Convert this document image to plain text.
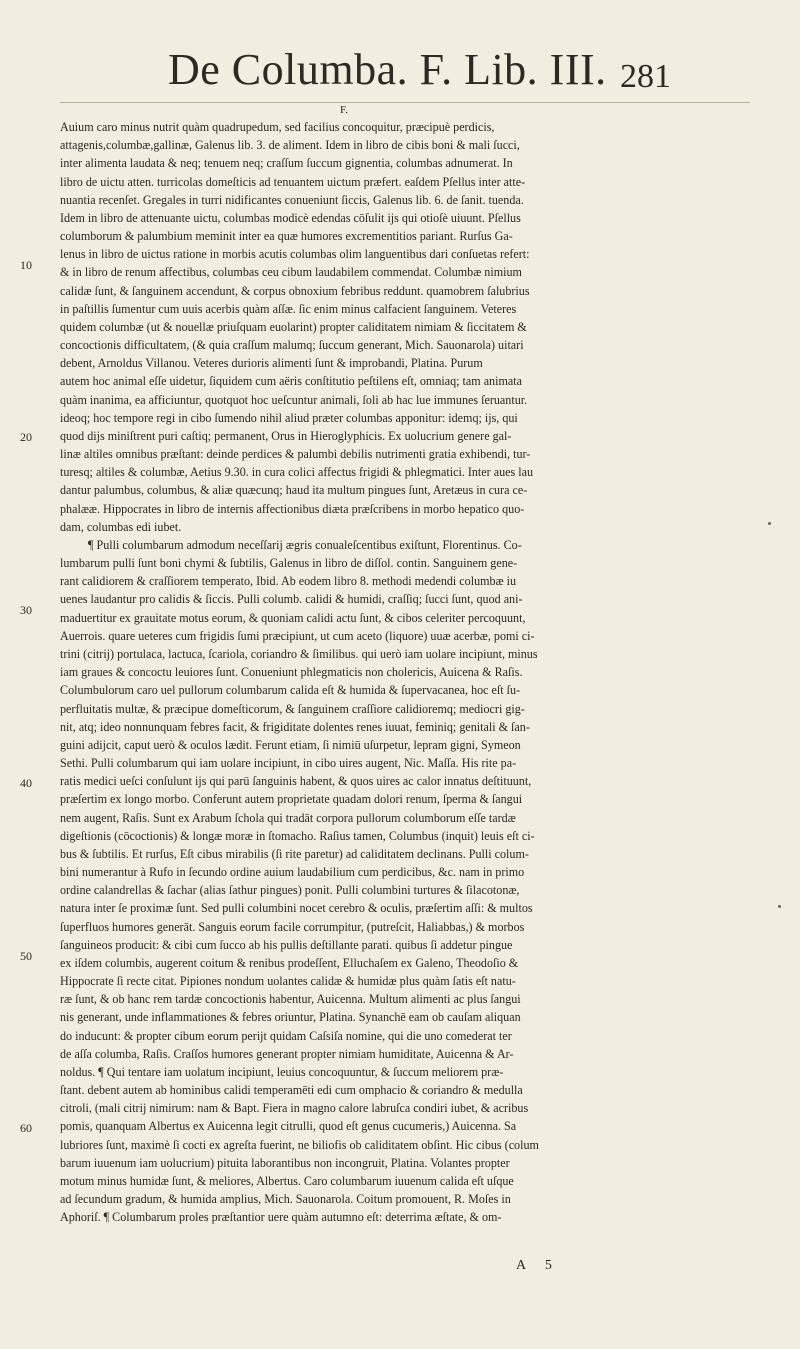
De Columba. F. Lib. III. 281
F.
10
20
30
40
50
60
Auium caro minus nutrit quàm quadrupedum, sed facilius concoquitur, præcipuè perdicis,
attagenis,columbæ,gallinæ, Galenus lib. 3. de aliment. Idem in libro de cibis boni & mali ſucci,
inter alimenta laudata & neq; tenuem neq; craſſum ſuccum gignentia, columbas adnumerat. In
libro de uictu atten. turricolas domeſticis ad tenuantem uictum præfert. eaſdem Pſellus inter atte-
nuantia recenſet. Gregales in turri nidificantes conueniunt ſiccis, Galenus lib. 6. de ſanit. tuenda.
Idem in libro de attenuante uictu, columbas modicè edendas cōſulit ijs qui otioſè uiuunt. Pſellus
columborum & palumbium meminit inter ea quæ humores excrementitios pariant. Rurſus Ga-
lenus in libro de uictus ratione in morbis acutis columbas olim languentibus dari conſuetas refert:
& in libro de renum affectibus, columbas ceu cibum laudabilem commendat. Columbæ nimium
calidæ ſunt, & ſanguinem accendunt, & corpus obnoxium febribus reddunt. quamobrem ſalubrius
in paſtillis ſumentur cum uuis acerbis quàm aſſæ. ſic enim minus calfacient ſanguinem. Veteres
quidem columbæ (ut & nouellæ priuſquam euolarint) propter caliditatem nimiam & ſiccitatem &
concoctionis difficultatem, (& quia craſſum malumq; ſuccum generant, Mich. Sauonarola) uitari
debent, Arnoldus Villanou. Veteres durioris alimenti ſunt & improbandi, Platina. Purum
autem hoc animal eſſe uidetur, ſiquidem cum aëris conſtitutio peſtilens eſt, omniaq; tam animata
quàm inanima, ea afficiuntur, quotquot hoc ueſcuntur animali, ſoli ab hac lue immunes ſeruantur.
ideoq; hoc tempore regi in cibo ſumendo nihil aliud præter columbas apponitur: idemq; ijs, qui
quod dijs miniſtrent puri caſtiq; permanent, Orus in Hieroglyphicis. Ex uolucrium genere gal-
linæ altiles omnibus præſtant: deinde perdices & palumbi debilis nutrimenti gratia exhibendi, tur-
turesq; altiles & columbæ, Aetius 9.30. in cura colici affectus frigidi & phlegmatici. Inter aues lau
dantur palumbus, columbus, & aliæ quæcunq; haud ita multum pingues ſunt, Aretæus in cura ce-
phalææ. Hippocrates in libro de internis affectionibus diæta præſcribens in morbo hepatico quo-
dam, columbas edi iubet.
¶ Pulli columbarum admodum neceſſarij ægris conualeſcentibus exiſtunt, Florentinus. Co-
lumbarum pulli ſunt boni chymi & ſubtilis, Galenus in libro de diſſol. contin. Sanguinem gene-
rant calidiorem & craſſiorem temperato, Ibid. Ab eodem libro 8. methodi medendi columbæ iu
uenes laudantur pro calidis & ſiccis. Pulli columb. calidi & humidi, craſſiq; ſucci ſunt, quod ani-
maduertitur ex grauitate motus eorum, & quoniam calidi actu ſunt, & cibos celeriter percoquunt,
Auerrois. quare ueteres cum frigidis ſumi præcipiunt, ut cum aceto (liquore) uuæ acerbæ, pomi ci-
trini (citrij) portulaca, lactuca, ſcariola, coriandro & ſimilibus. qui uerò iam uolare incipiunt, minus
iam graues & concoctu leuiores ſunt. Conueniunt phlegmaticis non cholericis, Auicena & Raſis.
Columbulorum caro uel pullorum columbarum calida eſt & humida & ſupervacanea, hoc eſt ſu-
perfluitatis multæ, & præcipue domeſticorum, & ſanguinem craſſiore calidioremq; mediocri gig-
nit, atq; ideo nonnunquam febres facit, & frigiditate dolentes renes iuuat, feminiq; genitali & ſan-
guini adijcit, caput uerò & oculos lædit. Ferunt etiam, ſi nimiū uſurpetur, lepram gigni, Symeon
Sethi. Pulli columbarum qui iam uolare incipiunt, in cibo uires augent, Nic. Maſſa. His rite pa-
ratis medici ueſci conſulunt ijs qui parū ſanguinis habent, & quos uires ac calor innatus deſtituunt,
præſertim ex longo morbo. Conferunt autem proprietate quadam dolori renum, ſperma & ſangui
nem augent, Raſis. Sunt ex Arabum ſchola qui tradāt corpora pullorum columborum eſſe tardæ
digeſtionis (cōcoctionis) & longæ moræ in ſtomacho. Raſius tamen, Columbus (inquit) leuis eſt ci-
bus & ſubtilis. Et rurſus, Eſt cibus mirabilis (ſi rite paretur) ad caliditatem declinans. Pulli colum-
bini numerantur à Rufo in ſecundo ordine auium laudabilium cum perdicibus, &c. nam in primo
ordine calandrellas & ſachar (alias ſathur pingues) ponit. Pulli columbini turtures & ſilacotonæ,
natura inter ſe proximæ ſunt. Sed pulli columbini nocet cerebro & oculis, præſertim aſſi: & multos
ſuperfluos humores generāt. Sanguis eorum facile corrumpitur, (putreſcit, Haliabbas,) & morbos
ſanguineos producit: & cibi cum ſucco ab his pullis deſtillante parati. quibus ſi addetur pingue
ex iſdem columbis, augerent coitum & renibus prodeſſent, Elluchaſem ex Galeno, Theodoſio &
Hippocrate ſi recte citat. Pipiones nondum uolantes calidæ & humidæ plus quàm ſatis eſt natu-
ræ ſunt, & ob hanc rem tardæ concoctionis habentur, Auicenna. Multum alimenti ac plus ſangui
nis generant, unde inflammationes & febres oriuntur, Platina. Synanchē eam ob cauſam aliquan
do inducunt: & propter cibum eorum perijt quidam Caſsiſa nomine, qui die uno comederat ter
de aſſa columba, Raſis. Craſſos humores generant propter nimiam humiditate, Auicenna & Ar-
noldus. ¶ Qui tentare iam uolatum incipiunt, leuius concoquuntur, & ſuccum meliorem præ-
ſtant. debent autem ab hominibus calidi temperamēti edi cum omphacio & coriandro & medulla
citroli, (mali citrij nimirum: nam & Bapt. Fiera in magno calore labruſca condiri iubet, & acribus
pomis, quanquam Albertus ex Auicenna legit citrulli, quod eſt genus cucumeris,) Auicenna. Sa
lubriores ſunt, maximè ſi cocti ex agreſta fuerint, ne biliofis ob caliditatem obſint. Hic cibus (colum
barum iuuenum iam uolucrium) pituita laborantibus non incongruit, Platina. Volantes propter
motum minus humidæ ſunt, & meliores, Albertus. Caro columbarum iuuenum calida eſt uſque
ad ſecundum gradum, & humida amplius, Mich. Sauonarola. Coitum promouent, R. Moſes in
Aphoriſ. ¶ Columbarum proles præſtantior uere quàm autumno eſt: deterrima æſtate, & om-
A 5
